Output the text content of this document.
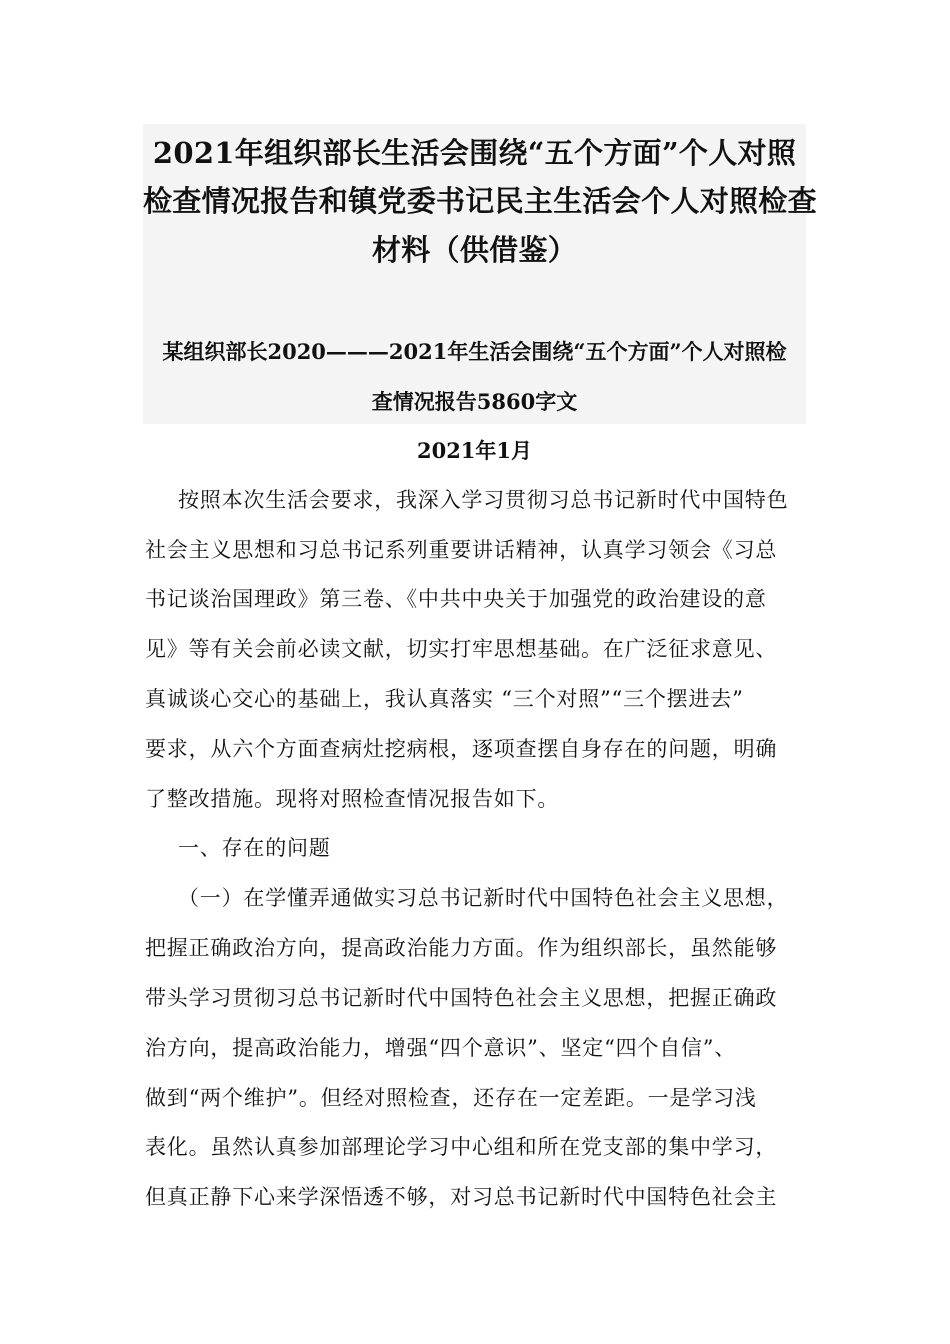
2021年组织部长生活会围绕“五个方面”个人对照
检查情况报告和镇党委书记民主生活会个人对照检查
材料（供借鉴）
某组织部长2020———2021年生活会围绕“五个方面”个人对照检
查情况报告5860字文
2021年1月

按照本次生活会要求，我深入学习贯彻习总书记新时代中国特色

社会主义思想和习总书记系列重要讲话精神，认真学习领会《习总

书记谈治国理政》第三卷、《中共中央关于加强党的政治建设的意

见》等有关会前必读文献，切实打牢思想基础。在广泛征求意见、

真诚谈心交心的基础上，我认真落实 “三个对照”“三个摆进去”

要求，从六个方面查病灶挖病根，逐项查摆自身存在的问题，明确

了整改措施。现将对照检查情况报告如下。

一、存在的问题

（一）在学懂弄通做实习总书记新时代中国特色社会主义思想，

把握正确政治方向，提高政治能力方面。作为组织部长，虽然能够

带头学习贯彻习总书记新时代中国特色社会主义思想，把握正确政

治方向，提高政治能力，增强“四个意识”、坚定“四个自信”、

做到“两个维护”。但经对照检查，还存在一定差距。一是学习浅

表化。虽然认真参加部理论学习中心组和所在党支部的集中学习，

但真正静下心来学深悟透不够，对习总书记新时代中国特色社会主
